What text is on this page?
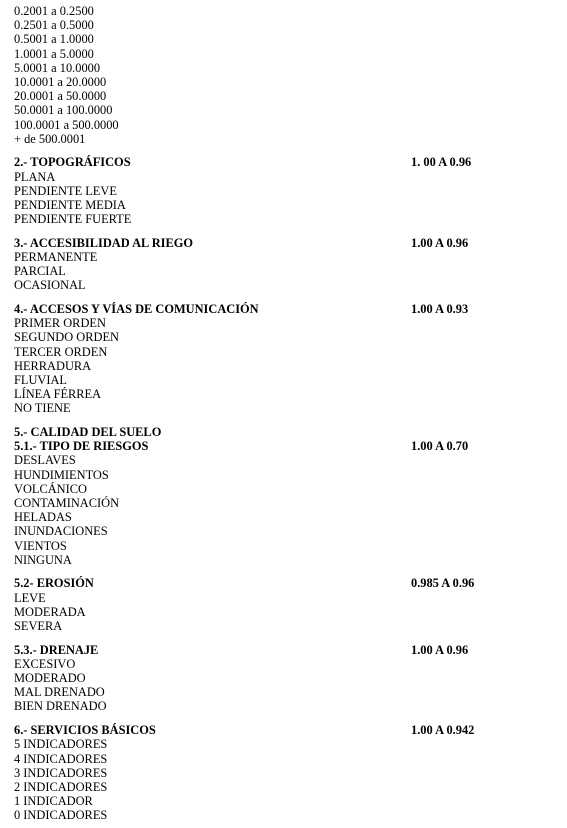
0.2001 a 0.2500
0.2501 a 0.5000
0.5001 a 1.0000
1.0001 a 5.0000
5.0001 a 10.0000
10.0001 a 20.0000
20.0001 a 50.0000
50.0001 a 100.0000
100.0001 a 500.0000
+ de 500.0001
2.- TOPOGRÁFICOS	1. 00 A 0.96
PLANA
PENDIENTE LEVE
PENDIENTE MEDIA
PENDIENTE FUERTE
3.- ACCESIBILIDAD AL RIEGO	1.00 A 0.96
PERMANENTE
PARCIAL
OCASIONAL
4.- ACCESOS Y VÍAS DE COMUNICACIÓN	1.00 A 0.93
PRIMER ORDEN
SEGUNDO ORDEN
TERCER ORDEN
HERRADURA
FLUVIAL
LÍNEA FÉRREA
NO TIENE
5.- CALIDAD DEL SUELO
5.1.- TIPO DE RIESGOS	1.00 A 0.70
DESLAVES
HUNDIMIENTOS
VOLCÁNICO
CONTAMINACIÓN
HELADAS
INUNDACIONES
VIENTOS
NINGUNA
5.2- EROSIÓN	0.985 A 0.96
LEVE
MODERADA
SEVERA
5.3.- DRENAJE	1.00 A 0.96
EXCESIVO
MODERADO
MAL DRENADO
BIEN DRENADO
6.- SERVICIOS BÁSICOS	1.00 A 0.942
5 INDICADORES
4 INDICADORES
3 INDICADORES
2 INDICADORES
1 INDICADOR
0 INDICADORES
